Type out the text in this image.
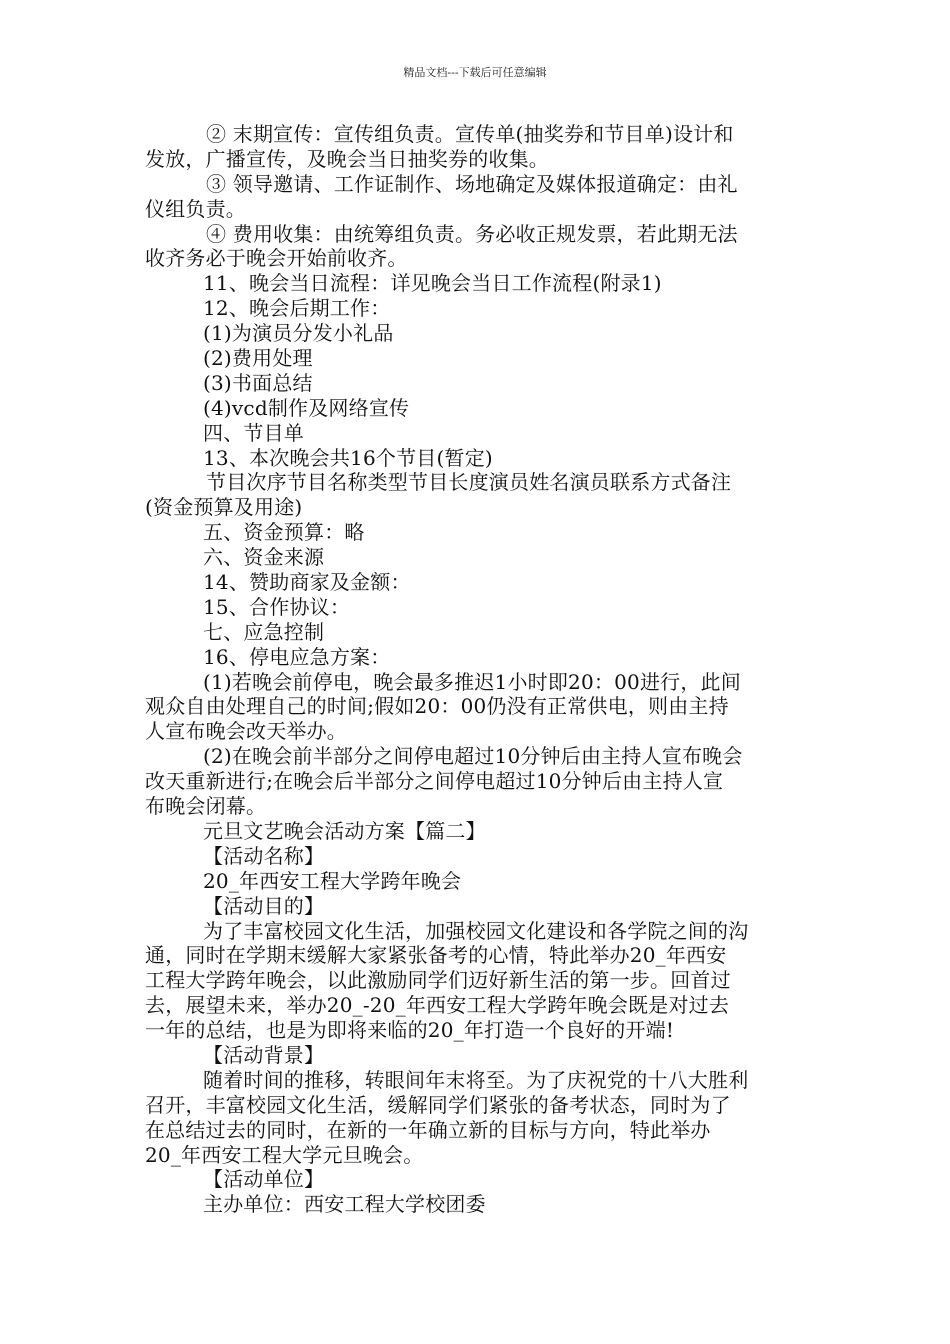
精品文档---下载后可任意编辑
② 末期宣传：宣传组负责。宣传单(抽奖券和节目单)设计和
发放，广播宣传，及晚会当日抽奖券的收集。
③ 领导邀请、工作证制作、场地确定及媒体报道确定：由礼
仪组负责。
④ 费用收集：由统筹组负责。务必收正规发票，若此期无法
收齐务必于晚会开始前收齐。
11、晚会当日流程：详见晚会当日工作流程(附录1)
12、晚会后期工作：
(1)为演员分发小礼品
(2)费用处理
(3)书面总结
(4)vcd制作及网络宣传
四、节目单
13、本次晚会共16个节目(暂定)
节目次序节目名称类型节目长度演员姓名演员联系方式备注
(资金预算及用途)
五、资金预算：略
六、资金来源
14、赞助商家及金额：
15、合作协议：
七、应急控制
16、停电应急方案：
(1)若晚会前停电，晚会最多推迟1小时即20：00进行，此间
观众自由处理自己的时间;假如20：00仍没有正常供电，则由主持
人宣布晚会改天举办。
(2)在晚会前半部分之间停电超过10分钟后由主持人宣布晚会
改天重新进行;在晚会后半部分之间停电超过10分钟后由主持人宣
布晚会闭幕。
元旦文艺晚会活动方案【篇二】
【活动名称】
20_年西安工程大学跨年晚会
【活动目的】
为了丰富校园文化生活，加强校园文化建设和各学院之间的沟
通，同时在学期末缓解大家紧张备考的心情，特此举办20_年西安
工程大学跨年晚会，以此激励同学们迈好新生活的第一步。回首过
去，展望未来，举办20_-20_年西安工程大学跨年晚会既是对过去
一年的总结，也是为即将来临的20_年打造一个良好的开端!
【活动背景】
随着时间的推移，转眼间年末将至。为了庆祝党的十八大胜利
召开，丰富校园文化生活，缓解同学们紧张的备考状态，同时为了
在总结过去的同时，在新的一年确立新的目标与方向，特此举办
20_年西安工程大学元旦晚会。
【活动单位】
主办单位：西安工程大学校团委
